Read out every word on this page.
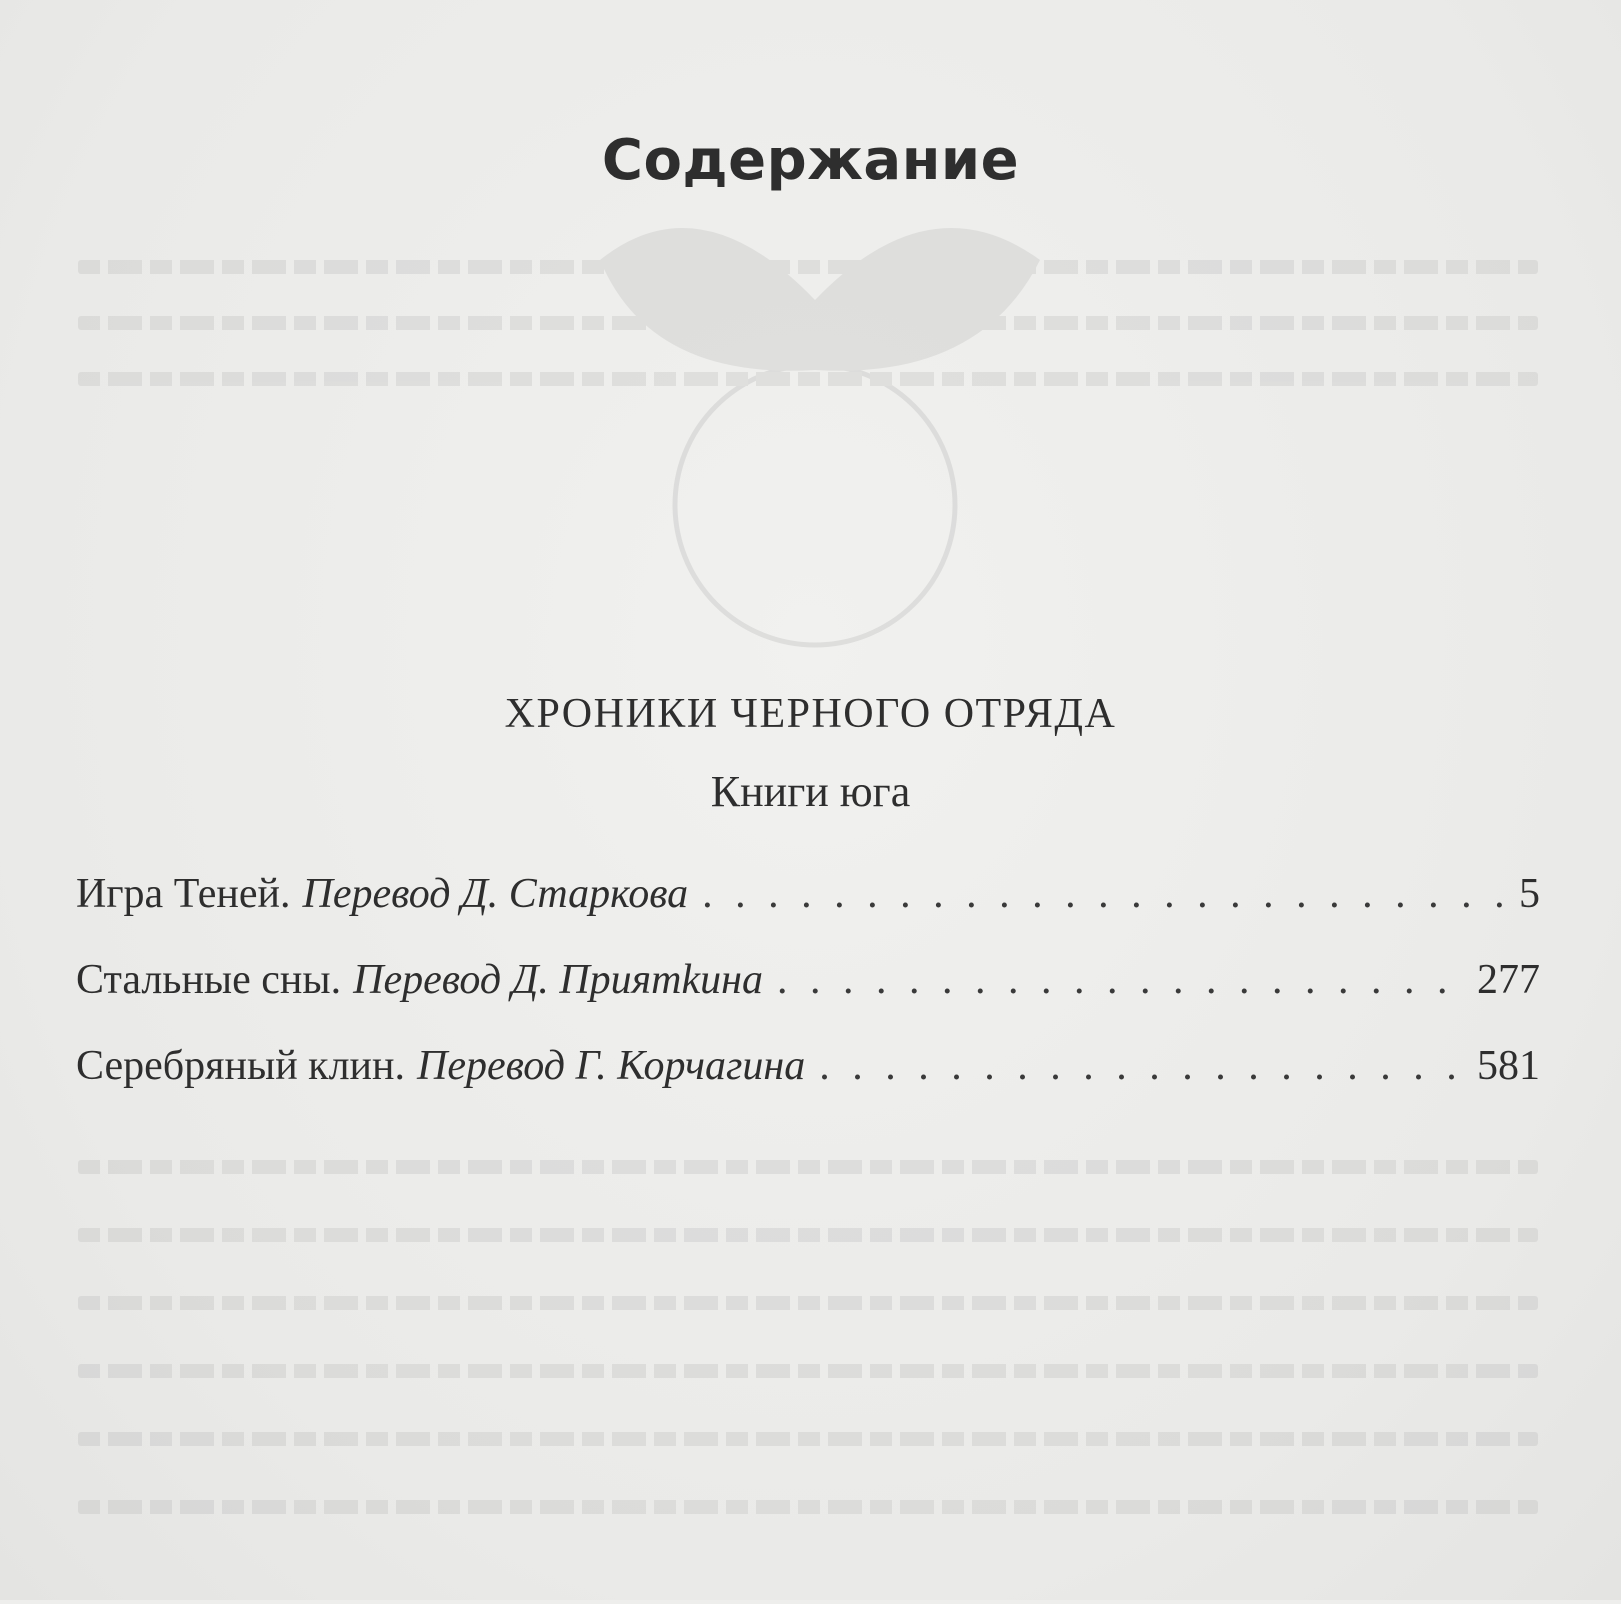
Содержание
ХРОНИКИ ЧЕРНОГО ОТРЯДА
Книги юга
Игра Теней. Перевод Д. Старкова . . .	5
Стальные сны. Перевод Д. Приятkина . . .	277
Серебряный клин. Перевод Г. Корчагина . . .	581
